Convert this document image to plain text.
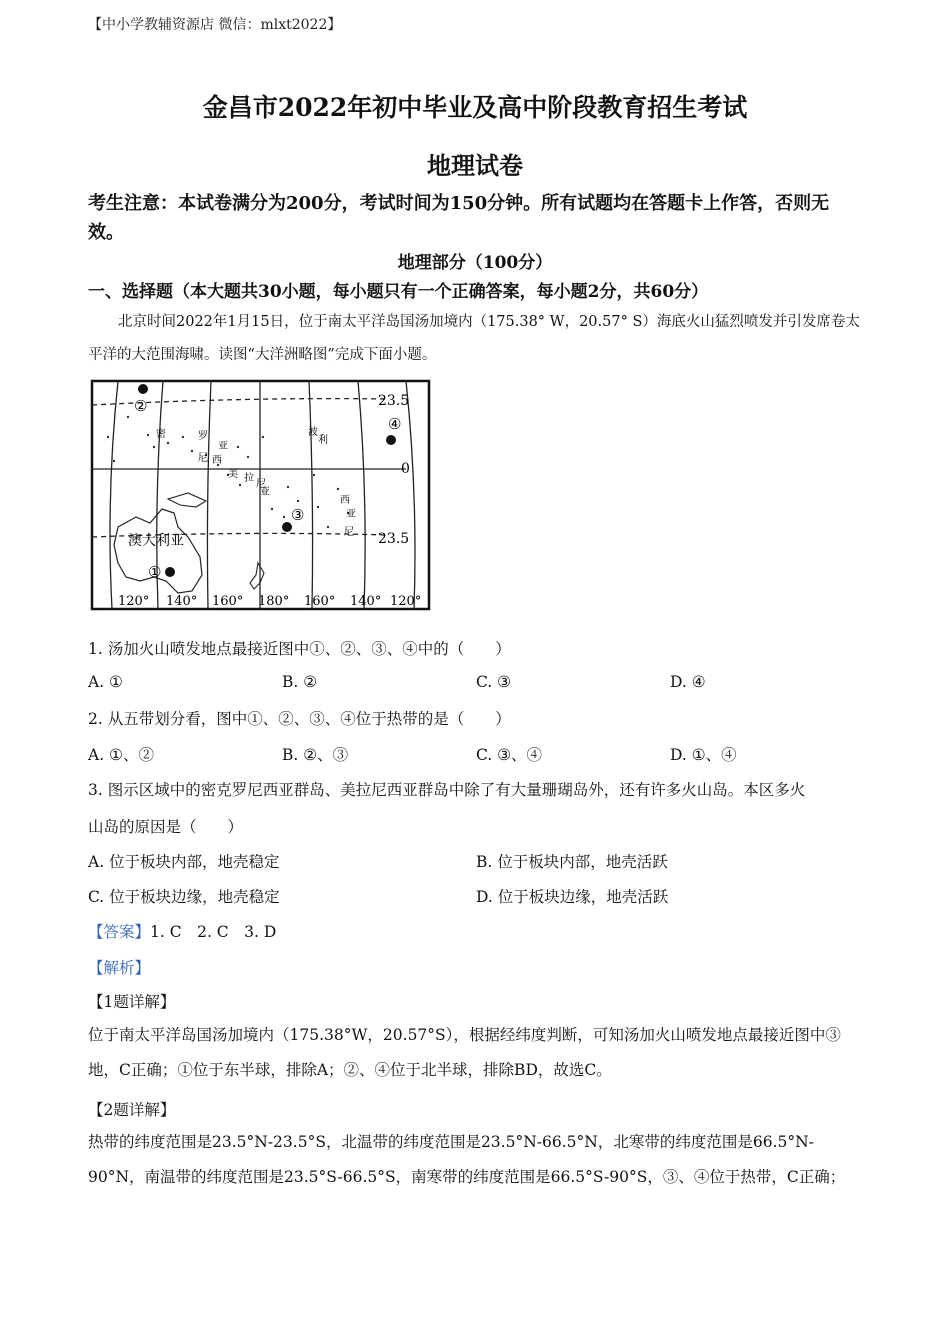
【中小学教辅资源店 微信：mlxt2022】
金昌市2022年初中毕业及高中阶段教育招生考试
地理试卷
考生注意：本试卷满分为200分，考试时间为150分钟。所有试题均在答题卡上作答，否则无效。
地理部分（100分）
一、选择题（本大题共30小题，每小题只有一个正确答案，每小题2分，共60分）
北京时间2022年1月15日，位于南太平洋岛国汤加境内（175.38° W，20.57° S）海底火山猛烈喷发并引发席卷太平洋的大范围海啸。读图“大洋洲略图”完成下面小题。
①
②
③
④
23.5
0
23.5
密	罗
尼 西
亚
波
利
美 拉
尼
亚
西
亚
尼
澳大利亚
120° 140° 160° 180° 160° 140° 120°
1. 汤加火山喷发地点最接近图中①、②、③、④中的（　　）
A. ①	B. ②	C. ③	D. ④
2. 从五带划分看，图中①、②、③、④位于热带的是（　　）
A. ①、②	B. ②、③	C. ③、④	D. ①、④
3. 图示区域中的密克罗尼西亚群岛、美拉尼西亚群岛中除了有大量珊瑚岛外，还有许多火山岛。本区多火
山岛的原因是（　　）
A. 位于板块内部，地壳稳定	B. 位于板块内部，地壳活跃
C. 位于板块边缘，地壳稳定	D. 位于板块边缘，地壳活跃
【答案】1. C　2. C　3. D
【解析】
【1题详解】
位于南太平洋岛国汤加境内（175.38°W，20.57°S），根据经纬度判断，可知汤加火山喷发地点最接近图中③地，C正确；①位于东半球，排除A；②、④位于北半球，排除BD，故选C。
【2题详解】
热带的纬度范围是23.5°N-23.5°S，北温带的纬度范围是23.5°N-66.5°N，北寒带的纬度范围是66.5°N-90°N，南温带的纬度范围是23.5°S-66.5°S，南寒带的纬度范围是66.5°S-90°S，③、④位于热带，C正确；
